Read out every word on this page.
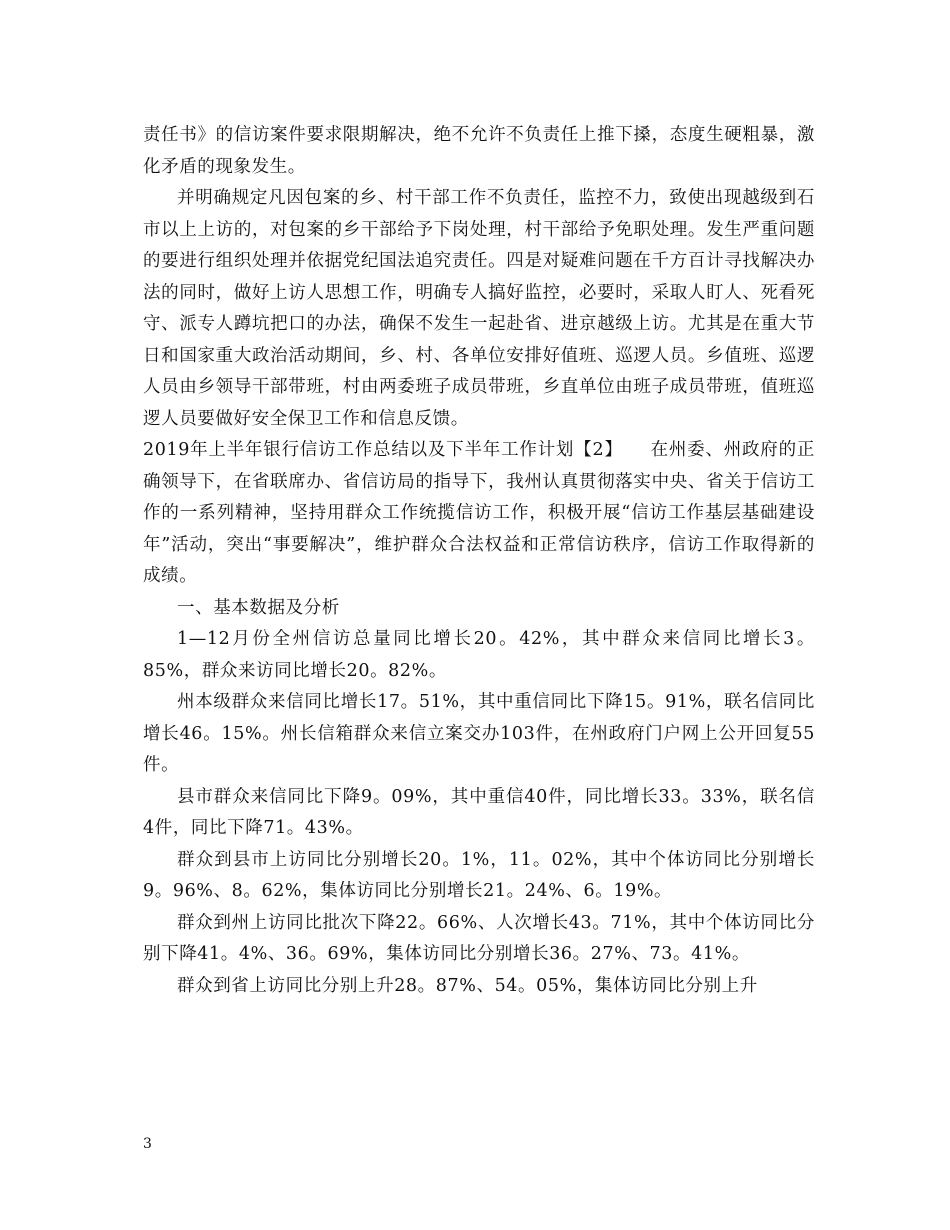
责任书》的信访案件要求限期解决，绝不允许不负责任上推下搡，态度生硬粗暴，激化矛盾的现象发生。

并明确规定凡因包案的乡、村干部工作不负责任，监控不力，致使出现越级到石市以上上访的，对包案的乡干部给予下岗处理，村干部给予免职处理。发生严重问题的要进行组织处理并依据党纪国法追究责任。四是对疑难问题在千方百计寻找解决办法的同时，做好上访人思想工作，明确专人搞好监控，必要时，采取人盯人、死看死守、派专人蹲坑把口的办法，确保不发生一起赴省、进京越级上访。尤其是在重大节日和国家重大政治活动期间，乡、村、各单位安排好值班、巡逻人员。乡值班、巡逻人员由乡领导干部带班，村由两委班子成员带班，乡直单位由班子成员带班，值班巡逻人员要做好安全保卫工作和信息反馈。

2019年上半年银行信访工作总结以及下半年工作计划【2】　　在州委、州政府的正确领导下，在省联席办、省信访局的指导下，我州认真贯彻落实中央、省关于信访工作的一系列精神，坚持用群众工作统揽信访工作，积极开展“信访工作基层基础建设年”活动，突出“事要解决”，维护群众合法权益和正常信访秩序，信访工作取得新的成绩。

一、基本数据及分析

1—12月份全州信访总量同比增长20。42%，其中群众来信同比增长3。85%，群众来访同比增长20。82%。

州本级群众来信同比增长17。51%，其中重信同比下降15。91%，联名信同比增长46。15%。州长信箱群众来信立案交办103件，在州政府门户网上公开回复55件。

县市群众来信同比下降9。09%，其中重信40件，同比增长33。33%，联名信4件，同比下降71。43%。

群众到县市上访同比分别增长20。1%，11。02%，其中个体访同比分别增长9。96%、8。62%，集体访同比分别增长21。24%、6。19%。

群众到州上访同比批次下降22。66%、人次增长43。71%，其中个体访同比分别下降41。4%、36。69%，集体访同比分别增长36。27%、73。41%。

群众到省上访同比分别上升28。87%、54。05%，集体访同比分别上升

3
